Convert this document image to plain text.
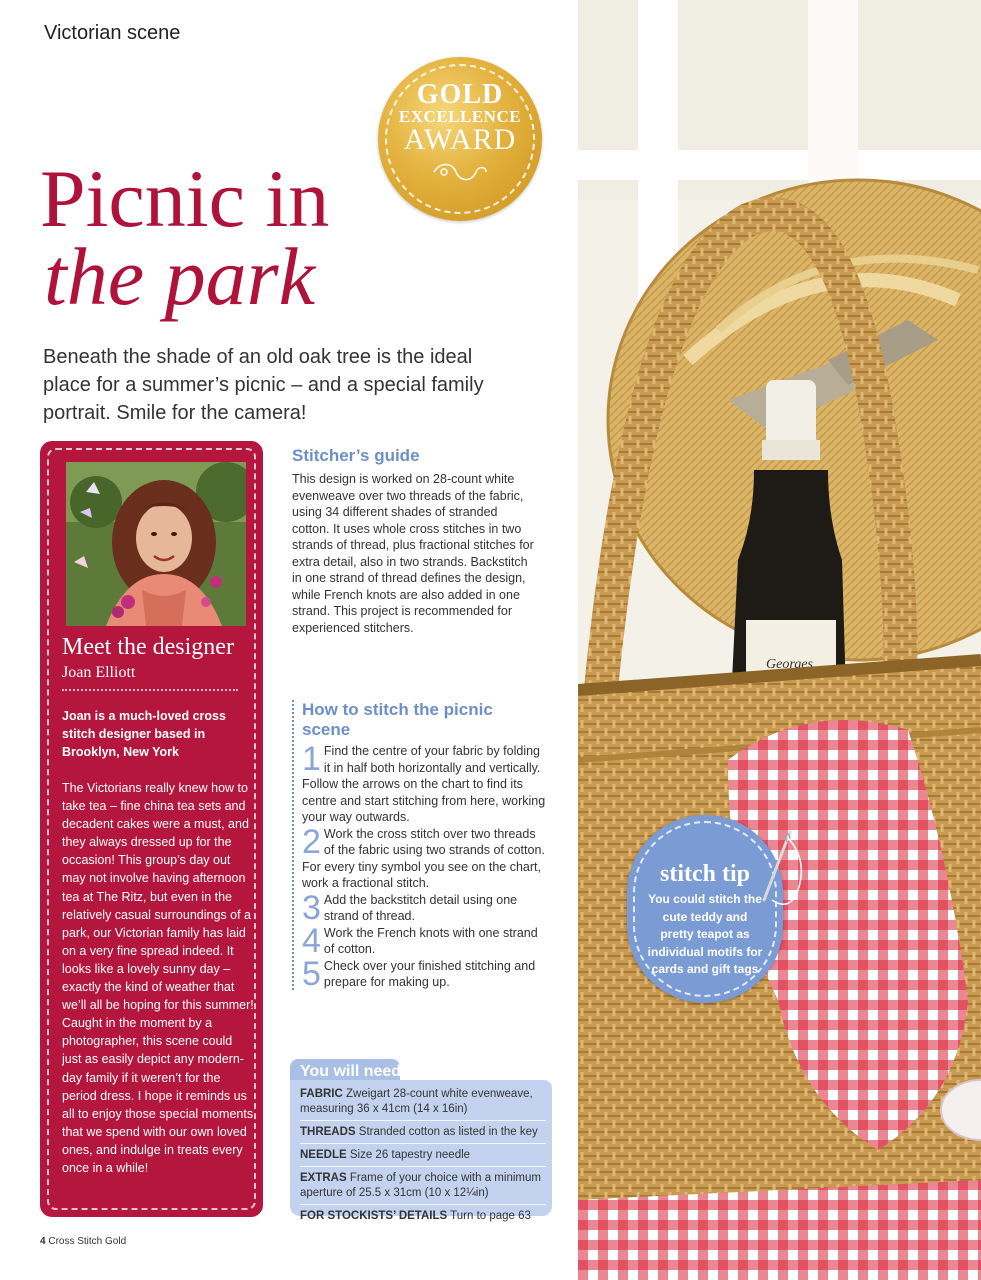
Victorian scene
GOLD
EXCELLENCE
AWARD
Picnic in
the park
Beneath the shade of an old oak tree is the ideal place for a summer’s picnic – and a special family portrait. Smile for the camera!
Meet the designer
Joan Elliott
Joan is a much-loved cross stitch designer based in Brooklyn, New York
The Victorians really knew how to take tea – fine china tea sets and decadent cakes were a must, and they always dressed up for the occasion! This group’s day out may not involve having afternoon tea at The Ritz, but even in the relatively casual surroundings of a park, our Victorian family has laid on a very fine spread indeed. It looks like a lovely sunny day – exactly the kind of weather that we’ll all be hoping for this summer! Caught in the moment by a photographer, this scene could just as easily depict any modern-day family if it weren’t for the period dress. I hope it reminds us all to enjoy those special moments that we spend with our own loved ones, and indulge in treats every once in a while!
Stitcher’s guide
This design is worked on 28-count white evenweave over two threads of the fabric, using 34 different shades of stranded cotton. It uses whole cross stitches in two strands of thread, plus fractional stitches for extra detail, also in two strands. Backstitch in one strand of thread defines the design, while French knots are also added in one strand. This project is recommended for experienced stitchers.
How to stitch the picnic scene
1 Find the centre of your fabric by folding it in half both horizontally and vertically. Follow the arrows on the chart to find its centre and start stitching from here, working your way outwards.
2 Work the cross stitch over two threads of the fabric using two strands of cotton. For every tiny symbol you see on the chart, work a fractional stitch.
3 Add the backstitch detail using one strand of thread.
4 Work the French knots with one strand of cotton.
5 Check over your finished stitching and prepare for making up.
You will need
FABRIC Zweigart 28-count white evenweave, measuring 36 x 41cm (14 x 16in)
THREADS Stranded cotton as listed in the key
NEEDLE Size 26 tapestry needle
EXTRAS Frame of your choice with a minimum aperture of 25.5 x 31cm (10 x 12¼in)
FOR STOCKISTS’ DETAILS Turn to page 63
4 Cross Stitch Gold
Georges
stitch tip
You could stitch the cute teddy and pretty teapot as individual motifs for cards and gift tags
